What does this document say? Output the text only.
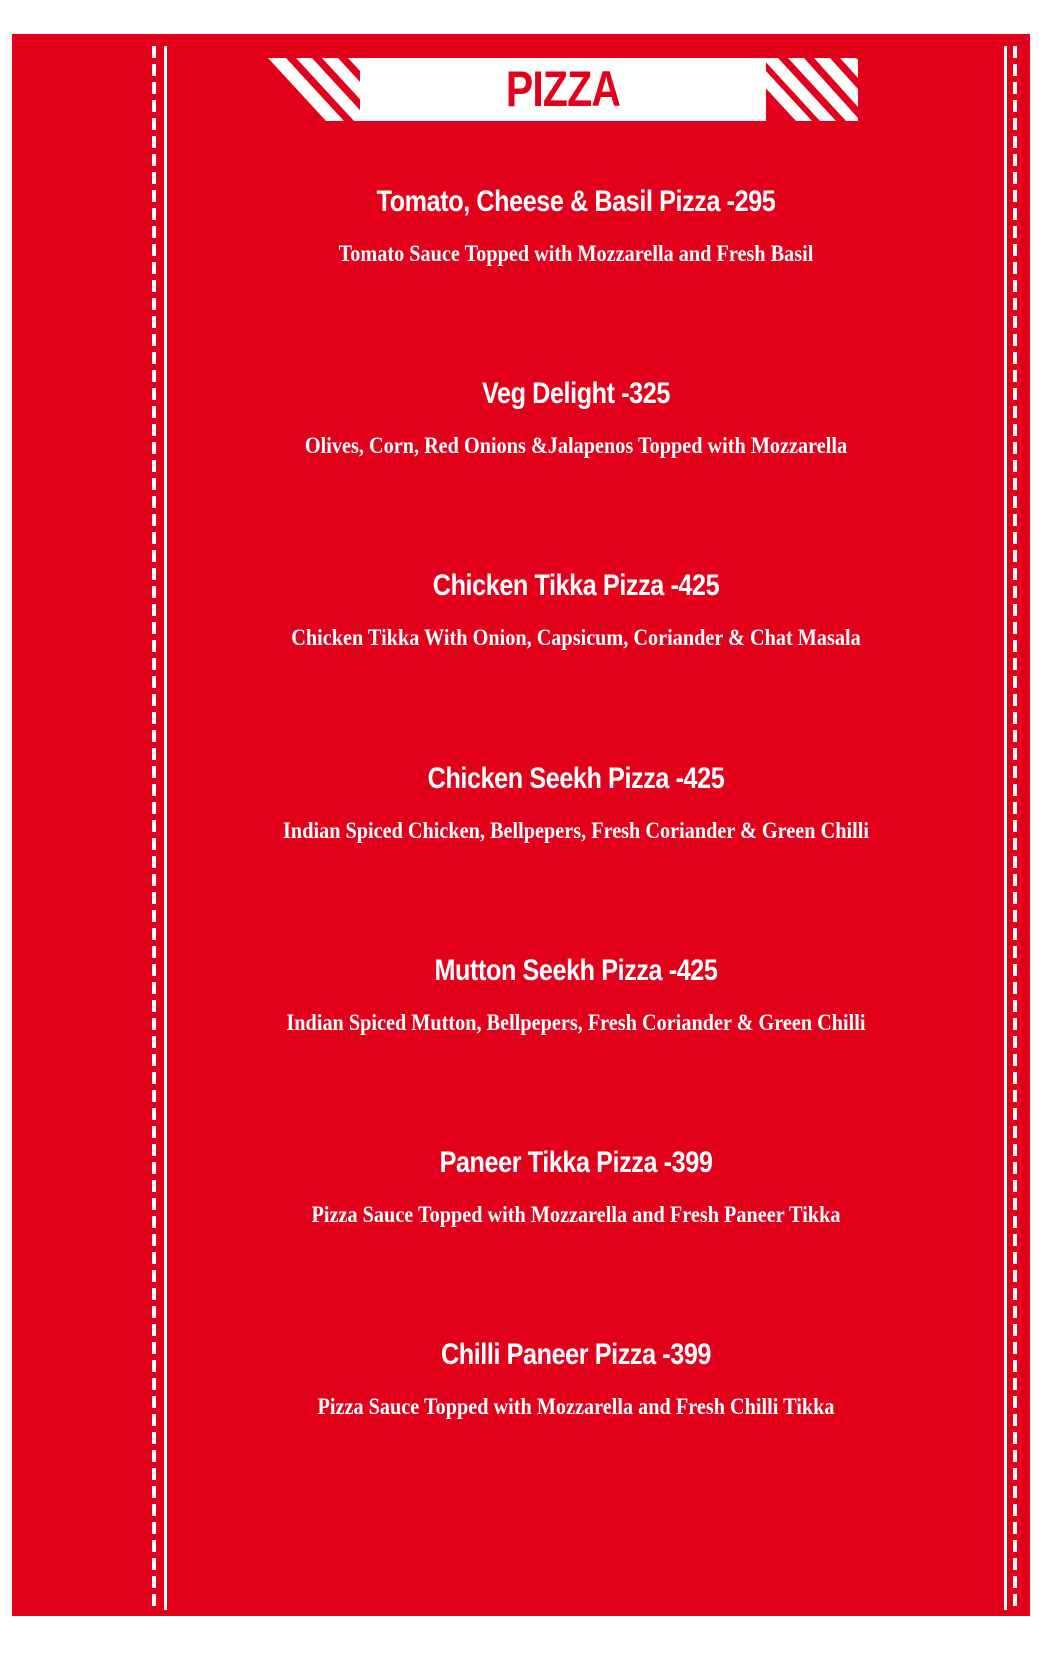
PIZZA
Tomato, Cheese & Basil Pizza -295
Tomato Sauce Topped with Mozzarella and Fresh Basil
Veg Delight -325
Olives, Corn, Red Onions &Jalapenos Topped with Mozzarella
Chicken Tikka Pizza -425
Chicken Tikka With Onion, Capsicum, Coriander & Chat Masala
Chicken Seekh Pizza -425
Indian Spiced Chicken, Bellpepers, Fresh Coriander & Green Chilli
Mutton Seekh Pizza -425
Indian Spiced Mutton, Bellpepers, Fresh Coriander & Green Chilli
Paneer Tikka Pizza -399
Pizza Sauce Topped with Mozzarella and Fresh Paneer Tikka
Chilli Paneer Pizza -399
Pizza Sauce Topped with Mozzarella and Fresh Chilli Tikka
